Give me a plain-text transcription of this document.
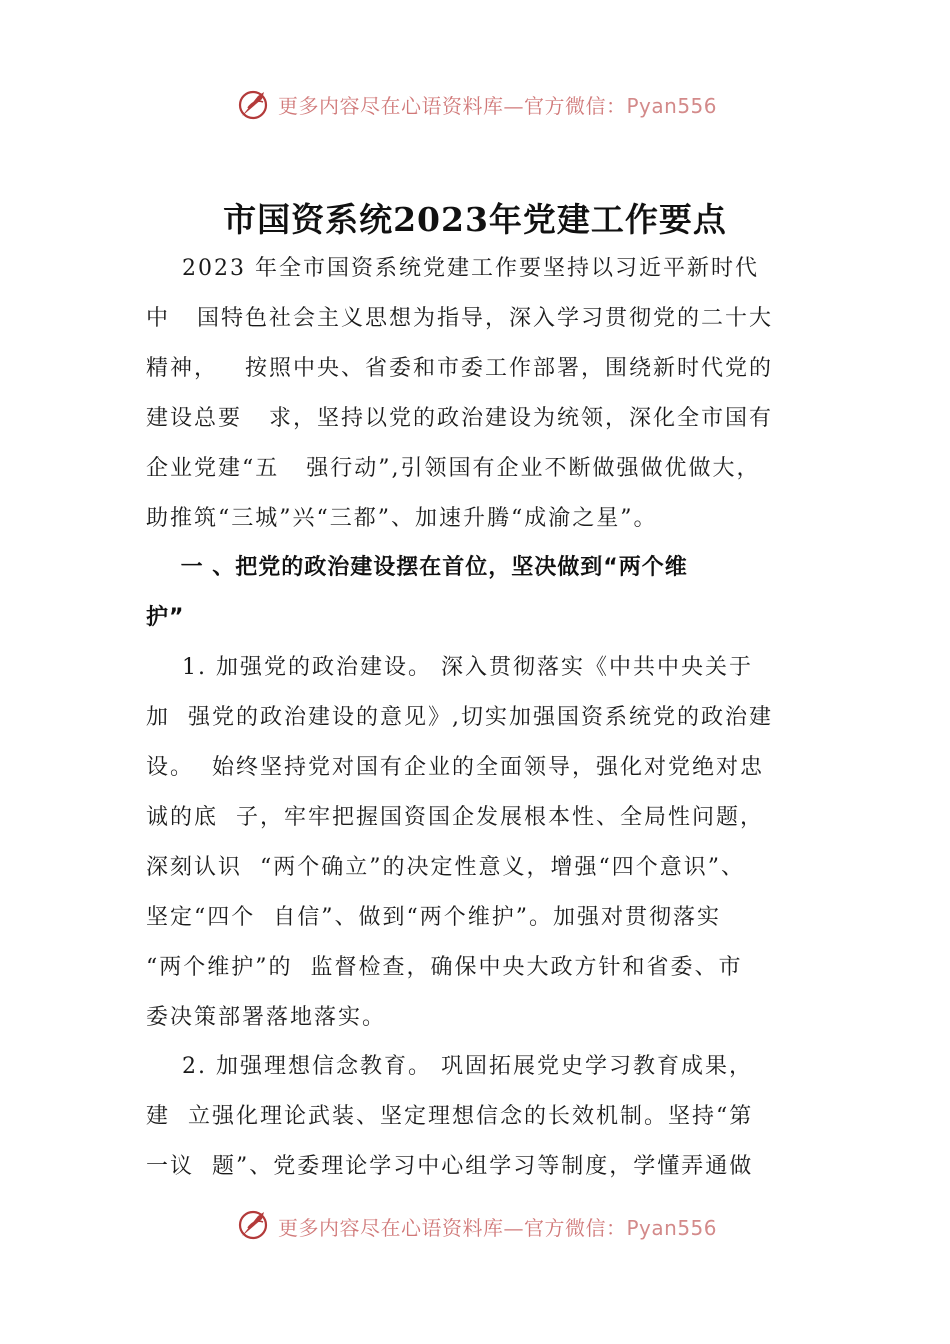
更多内容尽在心语资料库—官方微信：Pyan556
市国资系统2023年党建工作要点
2023 年全市国资系统党建工作要坚持以习近平新时代
中   国特色社会主义思想为指导，深入学习贯彻党的二十大
精神，   按照中央、省委和市委工作部署，围绕新时代党的
建设总要   求，坚持以党的政治建设为统领，深化全市国有
企业党建“五   强行动”,引领国有企业不断做强做优做大，
助推筑“三城”兴“三都”、加速升腾“成渝之星”。
一 、把党的政治建设摆在首位，坚决做到“两个维
护”
1. 加强党的政治建设。 深入贯彻落实《中共中央关于
加  强党的政治建设的意见》,切实加强国资系统党的政治建
设。  始终坚持党对国有企业的全面领导，强化对党绝对忠
诚的底  子，牢牢把握国资国企发展根本性、全局性问题，
深刻认识  “两个确立”的决定性意义，增强“四个意识”、
坚定“四个  自信”、做到“两个维护”。加强对贯彻落实
“两个维护”的  监督检查，确保中央大政方针和省委、市
委决策部署落地落实。
2. 加强理想信念教育。 巩固拓展党史学习教育成果，
建  立强化理论武装、坚定理想信念的长效机制。坚持“第
一议  题”、党委理论学习中心组学习等制度，学懂弄通做
更多内容尽在心语资料库—官方微信：Pyan556
